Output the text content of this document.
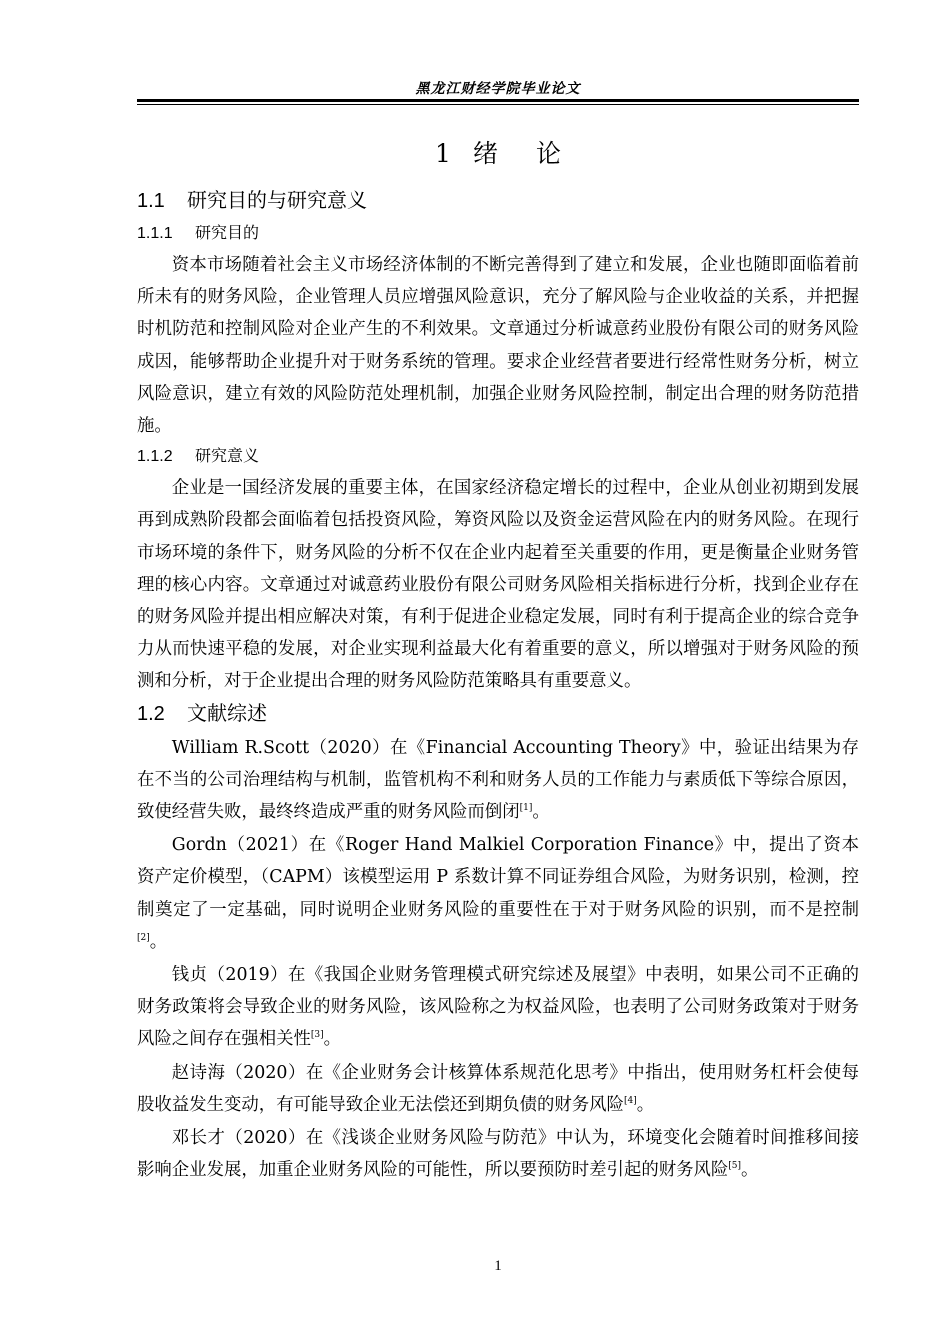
黑龙江财经学院毕业论文
1 绪 论
1.1 研究目的与研究意义
1.1.1 研究目的

资本市场随着社会主义市场经济体制的不断完善得到了建立和发展，企业也随即面临着前所未有的财务风险，企业管理人员应增强风险意识，充分了解风险与企业收益的关系，并把握时机防范和控制风险对企业产生的不利效果。文章通过分析诚意药业股份有限公司的财务风险成因，能够帮助企业提升对于财务系统的管理。要求企业经营者要进行经常性财务分析，树立风险意识，建立有效的风险防范处理机制，加强企业财务风险控制，制定出合理的财务防范措施。

1.1.2 研究意义

企业是一国经济发展的重要主体，在国家经济稳定增长的过程中，企业从创业初期到发展再到成熟阶段都会面临着包括投资风险，筹资风险以及资金运营风险在内的财务风险。在现行市场环境的条件下，财务风险的分析不仅在企业内起着至关重要的作用，更是衡量企业财务管理的核心内容。文章通过对诚意药业股份有限公司财务风险相关指标进行分析，找到企业存在的财务风险并提出相应解决对策，有利于促进企业稳定发展，同时有利于提高企业的综合竞争力从而快速平稳的发展，对企业实现利益最大化有着重要的意义，所以增强对于财务风险的预测和分析，对于企业提出合理的财务风险防范策略具有重要意义。

1.2 文献综述

William R.Scott（2020）在《Financial Accounting Theory》中，验证出结果为存在不当的公司治理结构与机制，监管机构不利和财务人员的工作能力与素质低下等综合原因，致使经营失败，最终终造成严重的财务风险而倒闭[1]。

Gordn（2021）在《Roger Hand Malkiel Corporation Finance》中，提出了资本资产定价模型，（CAPM）该模型运用 P 系数计算不同证券组合风险，为财务识别，检测，控制奠定了一定基础，同时说明企业财务风险的重要性在于对于财务风险的识别，而不是控制[2]。

钱贞（2019）在《我国企业财务管理模式研究综述及展望》中表明，如果公司不正确的财务政策将会导致企业的财务风险，该风险称之为权益风险，也表明了公司财务政策对于财务风险之间存在强相关性[3]。

赵诗海（2020）在《企业财务会计核算体系规范化思考》中指出，使用财务杠杆会使每股收益发生变动，有可能导致企业无法偿还到期负债的财务风险[4]。

邓长才（2020）在《浅谈企业财务风险与防范》中认为，环境变化会随着时间推移间接影响企业发展，加重企业财务风险的可能性，所以要预防时差引起的财务风险[5]。

1
